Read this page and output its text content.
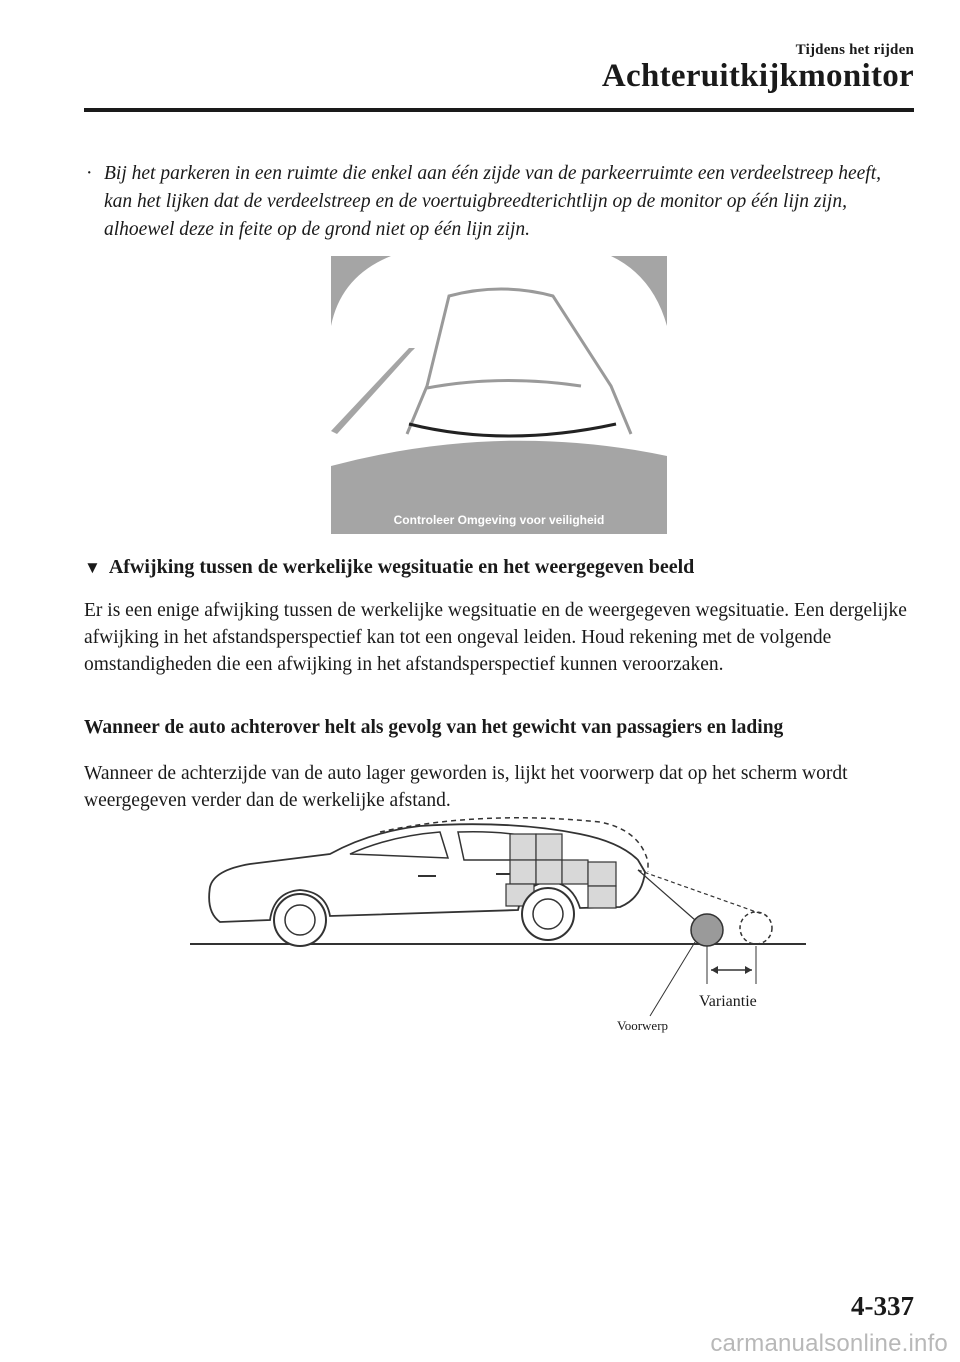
Tijdens het rijden
Achteruitkijkmonitor
· Bij het parkeren in een ruimte die enkel aan één zijde van de parkeerruimte een verdeelstreep heeft, kan het lijken dat de verdeelstreep en de voertuigbreedterichtlijn op de monitor op één lijn zijn, alhoewel deze in feite op de grond niet op één lijn zijn.
Controleer Omgeving voor veiligheid
▼ Afwijking tussen de werkelijke wegsituatie en het weergegeven beeld
Er is een enige afwijking tussen de werkelijke wegsituatie en de weergegeven wegsituatie. Een dergelijke afwijking in het afstandsperspectief kan tot een ongeval leiden. Houd rekening met de volgende omstandigheden die een afwijking in het afstandsperspectief kunnen veroorzaken.
Wanneer de auto achterover helt als gevolg van het gewicht van passagiers en lading
Wanneer de achterzijde van de auto lager geworden is, lijkt het voorwerp dat op het scherm wordt weergegeven verder dan de werkelijke afstand.
Variantie
Voorwerp
4-337
carmanualsonline.info
